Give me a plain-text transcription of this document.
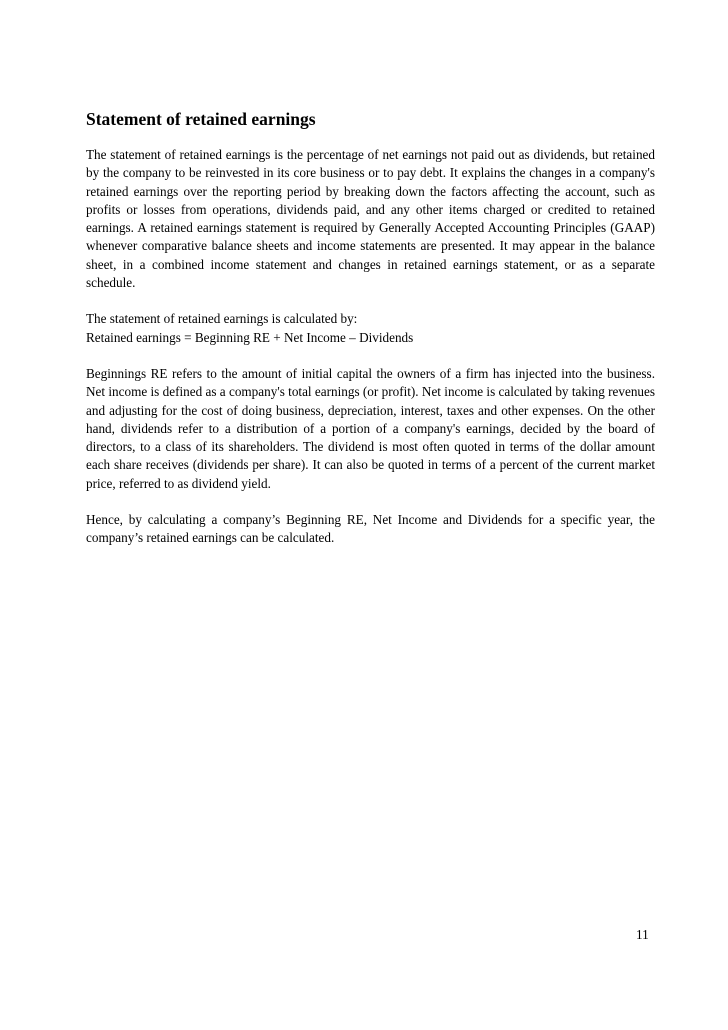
Statement of retained earnings

The statement of retained earnings is the percentage of net earnings not paid out as dividends, but retained by the company to be reinvested in its core business or to pay debt. It explains the changes in a company's retained earnings over the reporting period by breaking down the factors affecting the account, such as profits or losses from operations, dividends paid, and any other items charged or credited to retained earnings. A retained earnings statement is required by Generally Accepted Accounting Principles (GAAP) whenever comparative balance sheets and income statements are presented. It may appear in the balance sheet, in a combined income statement and changes in retained earnings statement, or as a separate schedule.

The statement of retained earnings is calculated by:
Retained earnings = Beginning RE + Net Income – Dividends

Beginnings RE refers to the amount of initial capital the owners of a firm has injected into the business. Net income is defined as a company's total earnings (or profit). Net income is calculated by taking revenues and adjusting for the cost of doing business, depreciation, interest, taxes and other expenses. On the other hand, dividends refer to a distribution of a portion of a company's earnings, decided by the board of directors, to a class of its shareholders. The dividend is most often quoted in terms of the dollar amount each share receives (dividends per share). It can also be quoted in terms of a percent of the current market price, referred to as dividend yield.

Hence, by calculating a company’s Beginning RE, Net Income and Dividends for a specific year, the company’s retained earnings can be calculated.

11
